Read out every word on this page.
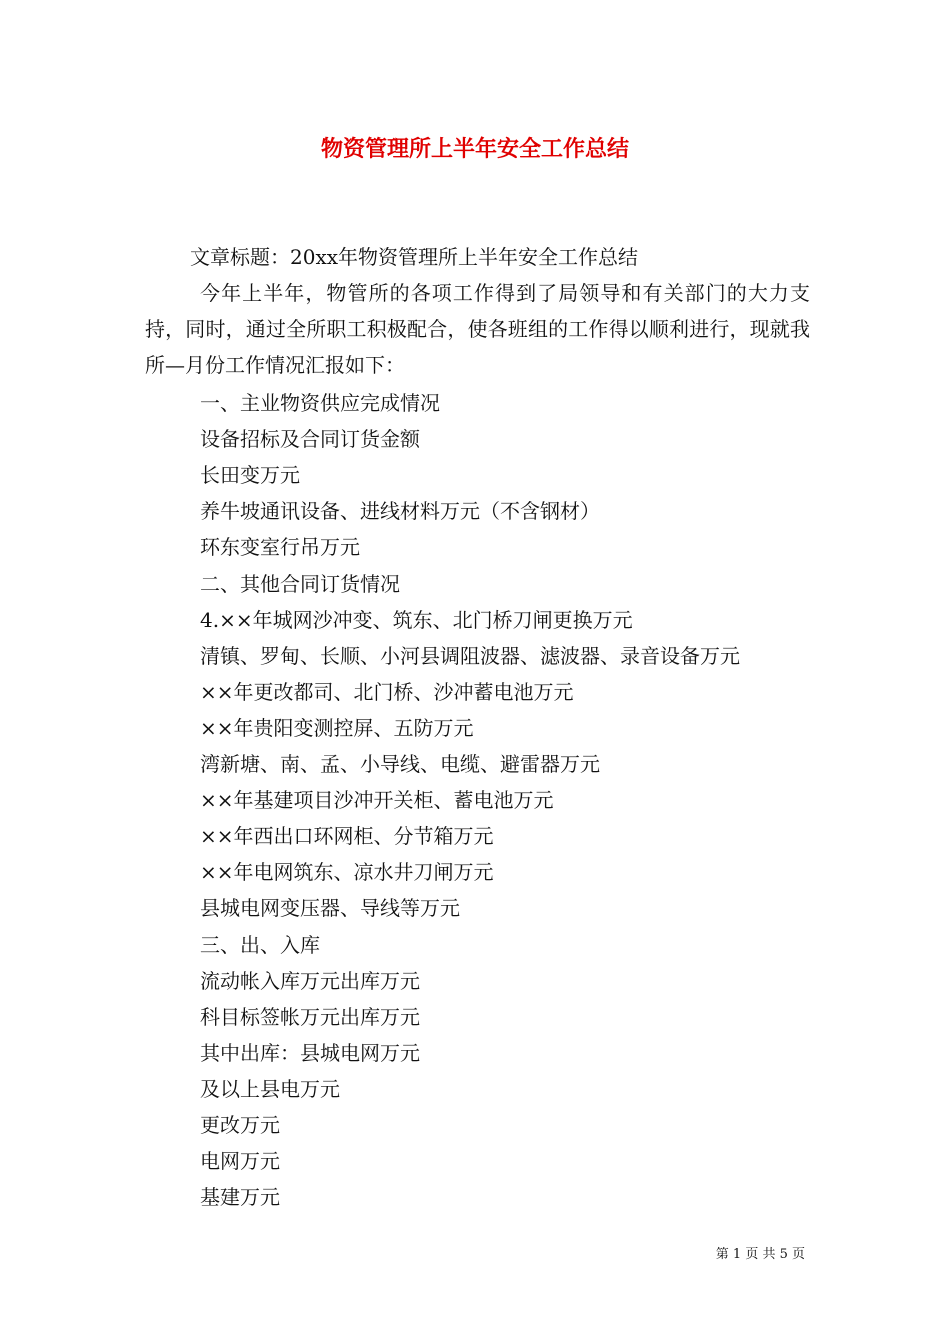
物资管理所上半年安全工作总结
文章标题：20xx年物资管理所上半年安全工作总结
今年上半年，物管所的各项工作得到了局领导和有关部门的大力支持，同时，通过全所职工积极配合，使各班组的工作得以顺利进行，现就我所—月份工作情况汇报如下：
一、主业物资供应完成情况
设备招标及合同订货金额
长田变万元
养牛坡通讯设备、进线材料万元（不含钢材）
环东变室行吊万元
二、其他合同订货情况
4.××年城网沙冲变、筑东、北门桥刀闸更换万元
清镇、罗甸、长顺、小河县调阻波器、滤波器、录音设备万元
××年更改都司、北门桥、沙冲蓄电池万元
××年贵阳变测控屏、五防万元
湾新塘、南、孟、小导线、电缆、避雷器万元
××年基建项目沙冲开关柜、蓄电池万元
××年西出口环网柜、分节箱万元
××年电网筑东、凉水井刀闸万元
县城电网变压器、导线等万元
三、出、入库
流动帐入库万元出库万元
科目标签帐万元出库万元
其中出库：县城电网万元
及以上县电万元
更改万元
电网万元
基建万元
第 1 页 共 5 页
